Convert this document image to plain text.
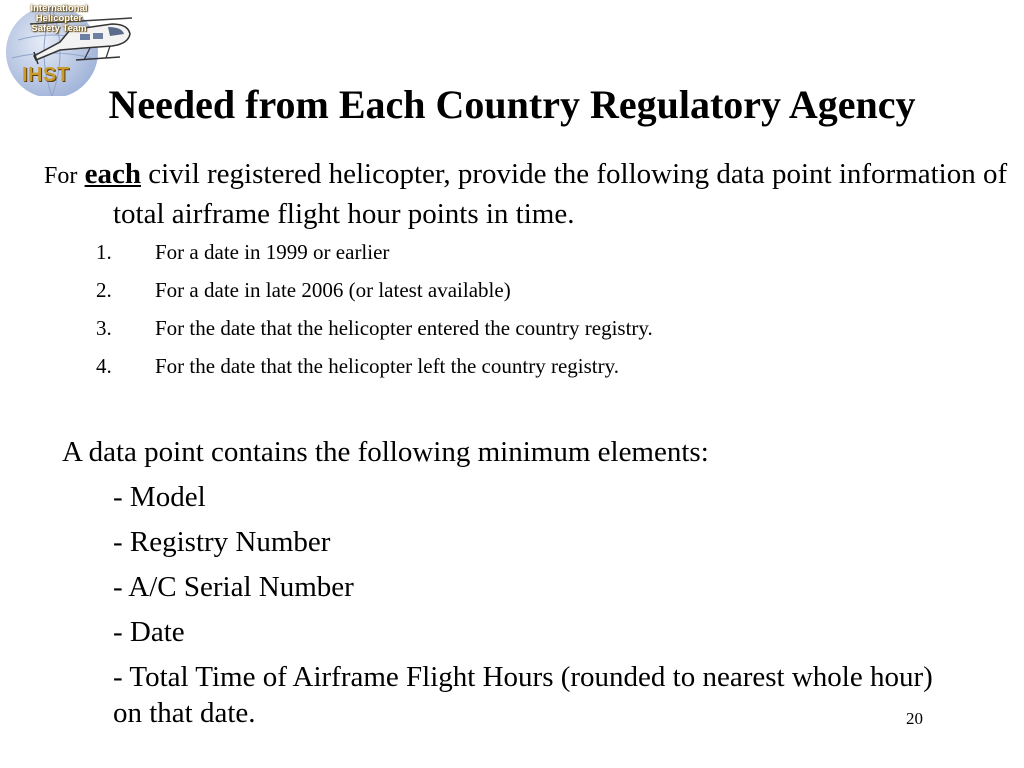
International Helicopter
Safety Team
IHST
Needed from Each Country Regulatory Agency
For each civil registered helicopter, provide the following data point information of total airframe flight hour points in time.
1. For a date in 1999 or earlier
2. For a date in late 2006 (or latest available)
3. For the date that the helicopter entered the country registry.
4. For the date that the helicopter left the country registry.
A data point contains the following minimum elements:
- Model
- Registry Number
- A/C Serial Number
- Date
- Total Time of Airframe Flight Hours (rounded to nearest whole hour) on that date.	20
